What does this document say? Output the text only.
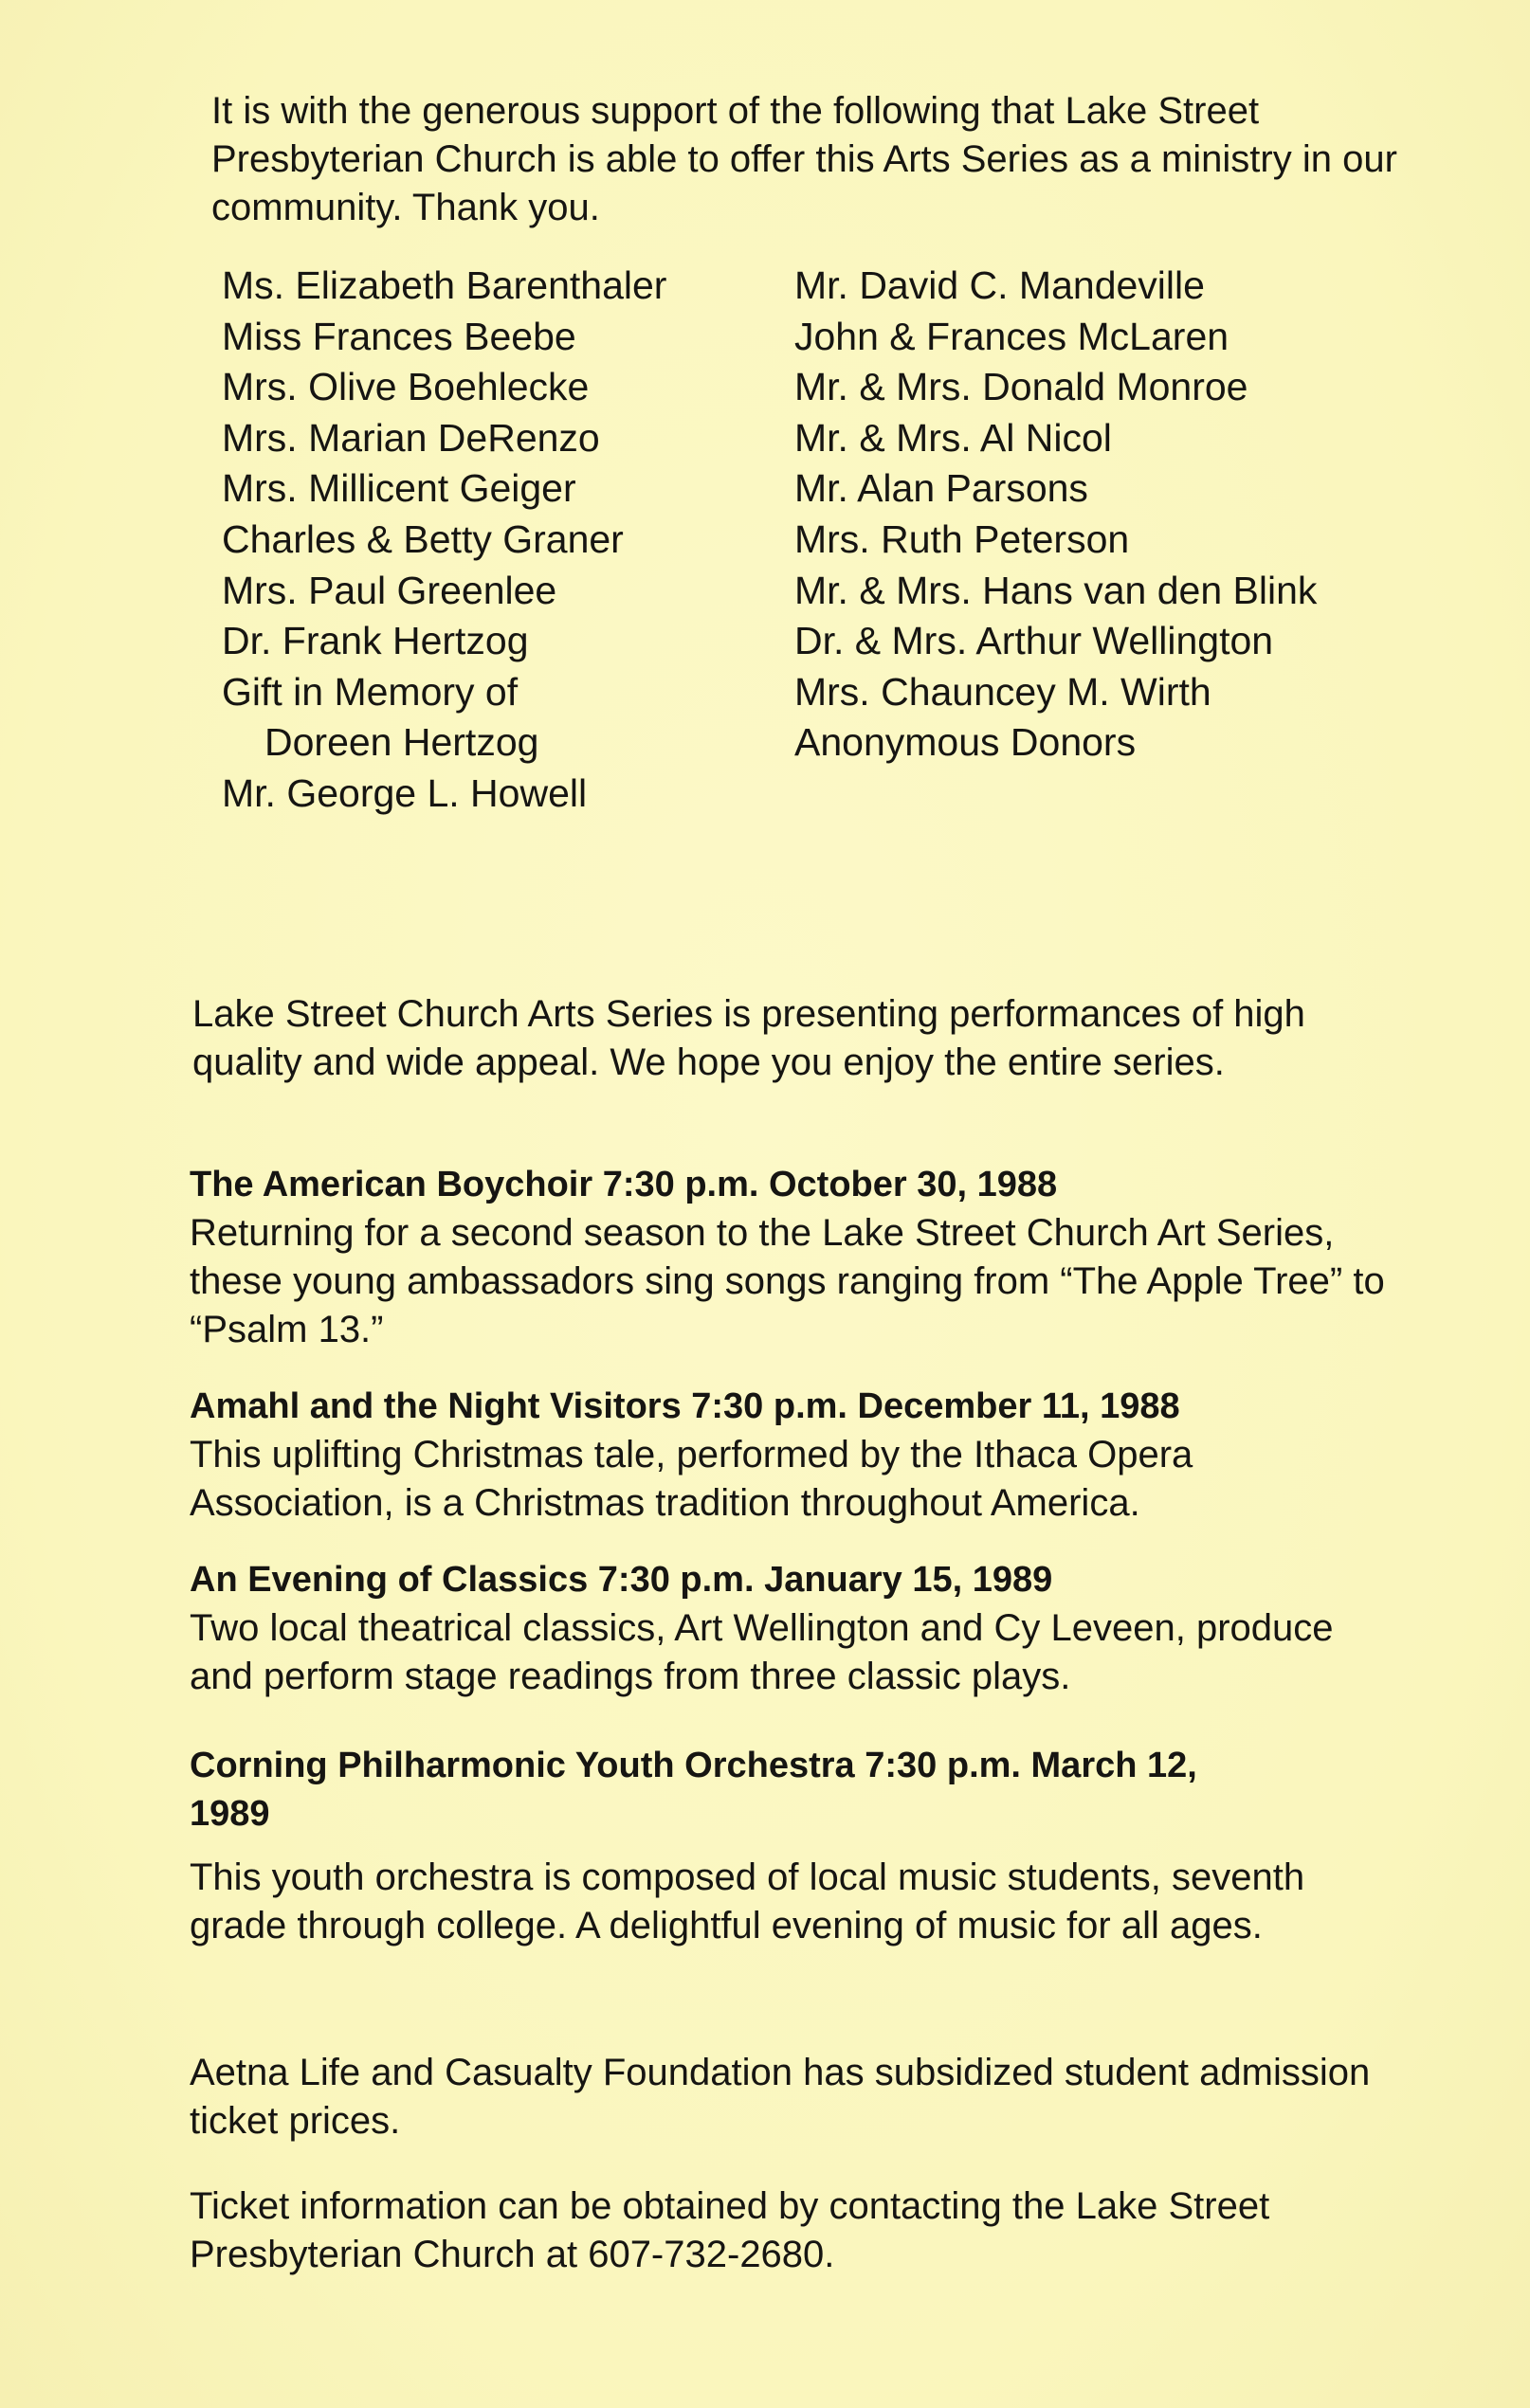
It is with the generous support of the following that Lake Street Presbyterian Church is able to offer this Arts Series as a ministry in our community. Thank you.

Ms. Elizabeth Barenthaler
Miss Frances Beebe
Mrs. Olive Boehlecke
Mrs. Marian DeRenzo
Mrs. Millicent Geiger
Charles & Betty Graner
Mrs. Paul Greenlee
Dr. Frank Hertzog
Gift in Memory of
Doreen Hertzog
Mr. George L. Howell
Mr. David C. Mandeville
John & Frances McLaren
Mr. & Mrs. Donald Monroe
Mr. & Mrs. Al Nicol
Mr. Alan Parsons
Mrs. Ruth Peterson
Mr. & Mrs. Hans van den Blink
Dr. & Mrs. Arthur Wellington
Mrs. Chauncey M. Wirth
Anonymous Donors

Lake Street Church Arts Series is presenting performances of high quality and wide appeal. We hope you enjoy the entire series.

The American Boychoir 7:30 p.m. October 30, 1988

Returning for a second season to the Lake Street Church Art Series, these young ambassadors sing songs ranging from “The Apple Tree” to “Psalm 13.”

Amahl and the Night Visitors 7:30 p.m. December 11, 1988

This uplifting Christmas tale, performed by the Ithaca Opera Association, is a Christmas tradition throughout America.

An Evening of Classics 7:30 p.m. January 15, 1989

Two local theatrical classics, Art Wellington and Cy Leveen, produce and perform stage readings from three classic plays.

Corning Philharmonic Youth Orchestra 7:30 p.m. March 12, 1989

This youth orchestra is composed of local music students, seventh grade through college. A delightful evening of music for all ages.

Aetna Life and Casualty Foundation has subsidized student admission ticket prices.

Ticket information can be obtained by contacting the Lake Street Presbyterian Church at 607-732-2680.
